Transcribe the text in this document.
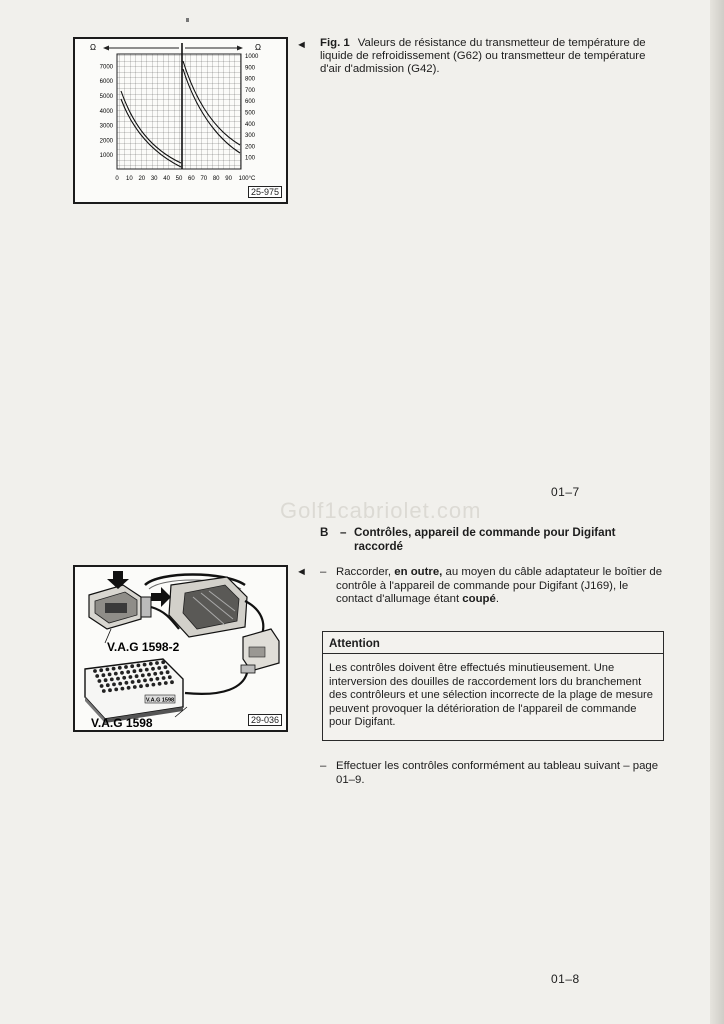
Golf1cabriolet.com
Ω	Ω
7000
6000
5000
4000
3000
2000
1000
1000
900
800
700
600
500
400
300
200
100
0 10 20 30 40 50 60 70 80 90 100°C
25-975
◄ Fig. 1 Valeurs de résistance du transmetteur de température de liquide de refroidissement (G62) ou transmetteur de température d'air d'admission (G42).
01–7
B – Contrôles, appareil de commande pour Digifant raccordé
V.A.G 1598
V.A.G 1598-2
V.A.G 1598	29-036
◄ – Raccorder, en outre, au moyen du câble adaptateur le boîtier de contrôle à l'appareil de commande pour Digifant (J169), le contact d'allumage étant coupé.
Attention
Les contrôles doivent être effectués minutieusement. Une interversion des douilles de raccordement lors du branchement des contrôleurs et une sélection incorrecte de la plage de mesure peuvent provoquer la détérioration de l'appareil de commande pour Digifant.
– Effectuer les contrôles conformément au tableau suivant – page 01–9.
01–8
